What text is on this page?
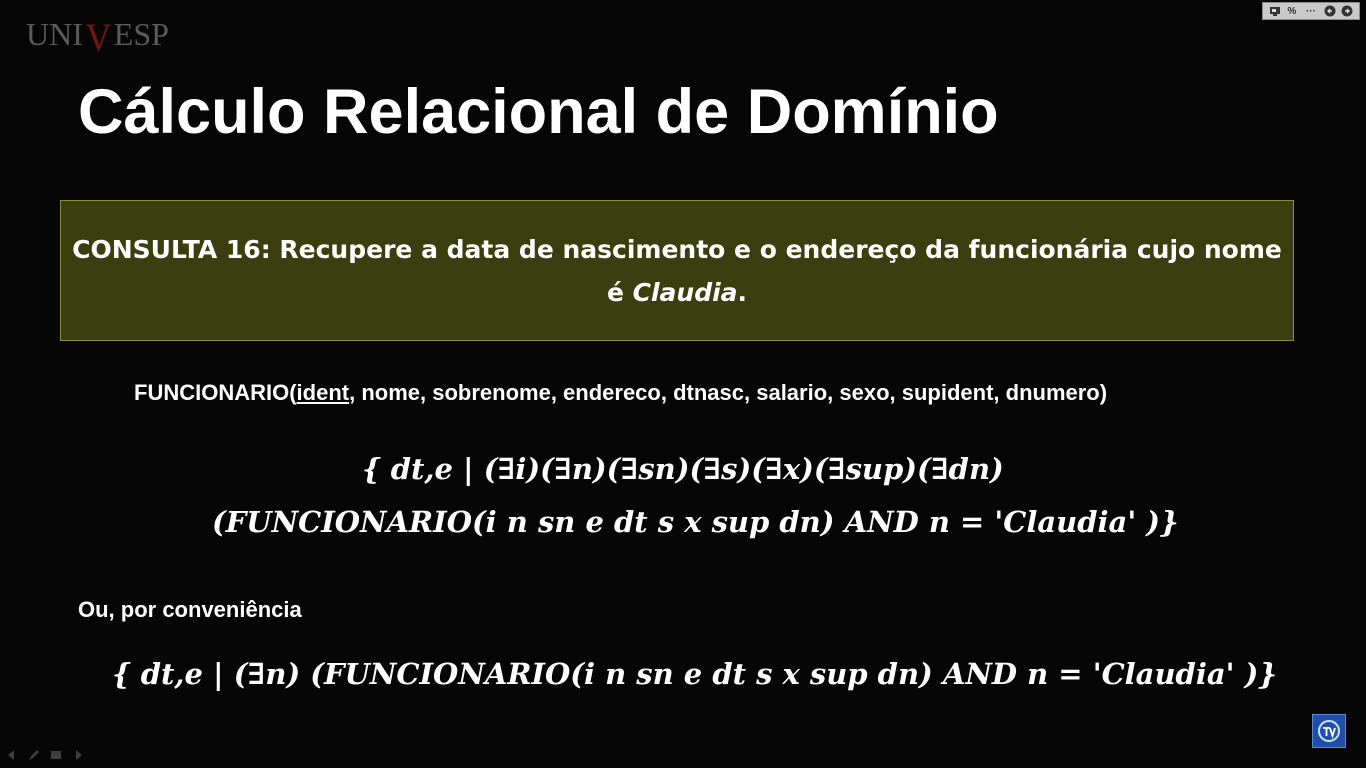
UNI V ESP
% ···
Cálculo Relacional de Domínio
CONSULTA 16: Recupere a data de nascimento e o endereço da funcionária cujo nome é Claudia.
FUNCIONARIO(ident, nome, sobrenome, endereco, dtnasc, salario, sexo, supident, dnumero)
{ dt,e | (∃i)(∃n)(∃sn)(∃s)(∃x)(∃sup)(∃dn)
(FUNCIONARIO(i n sn e dt s x sup dn) AND n = 'Claudia' )}
Ou, por conveniência
{ dt,e | (∃n) (FUNCIONARIO(i n sn e dt s x sup dn) AND n = 'Claudia' )}
